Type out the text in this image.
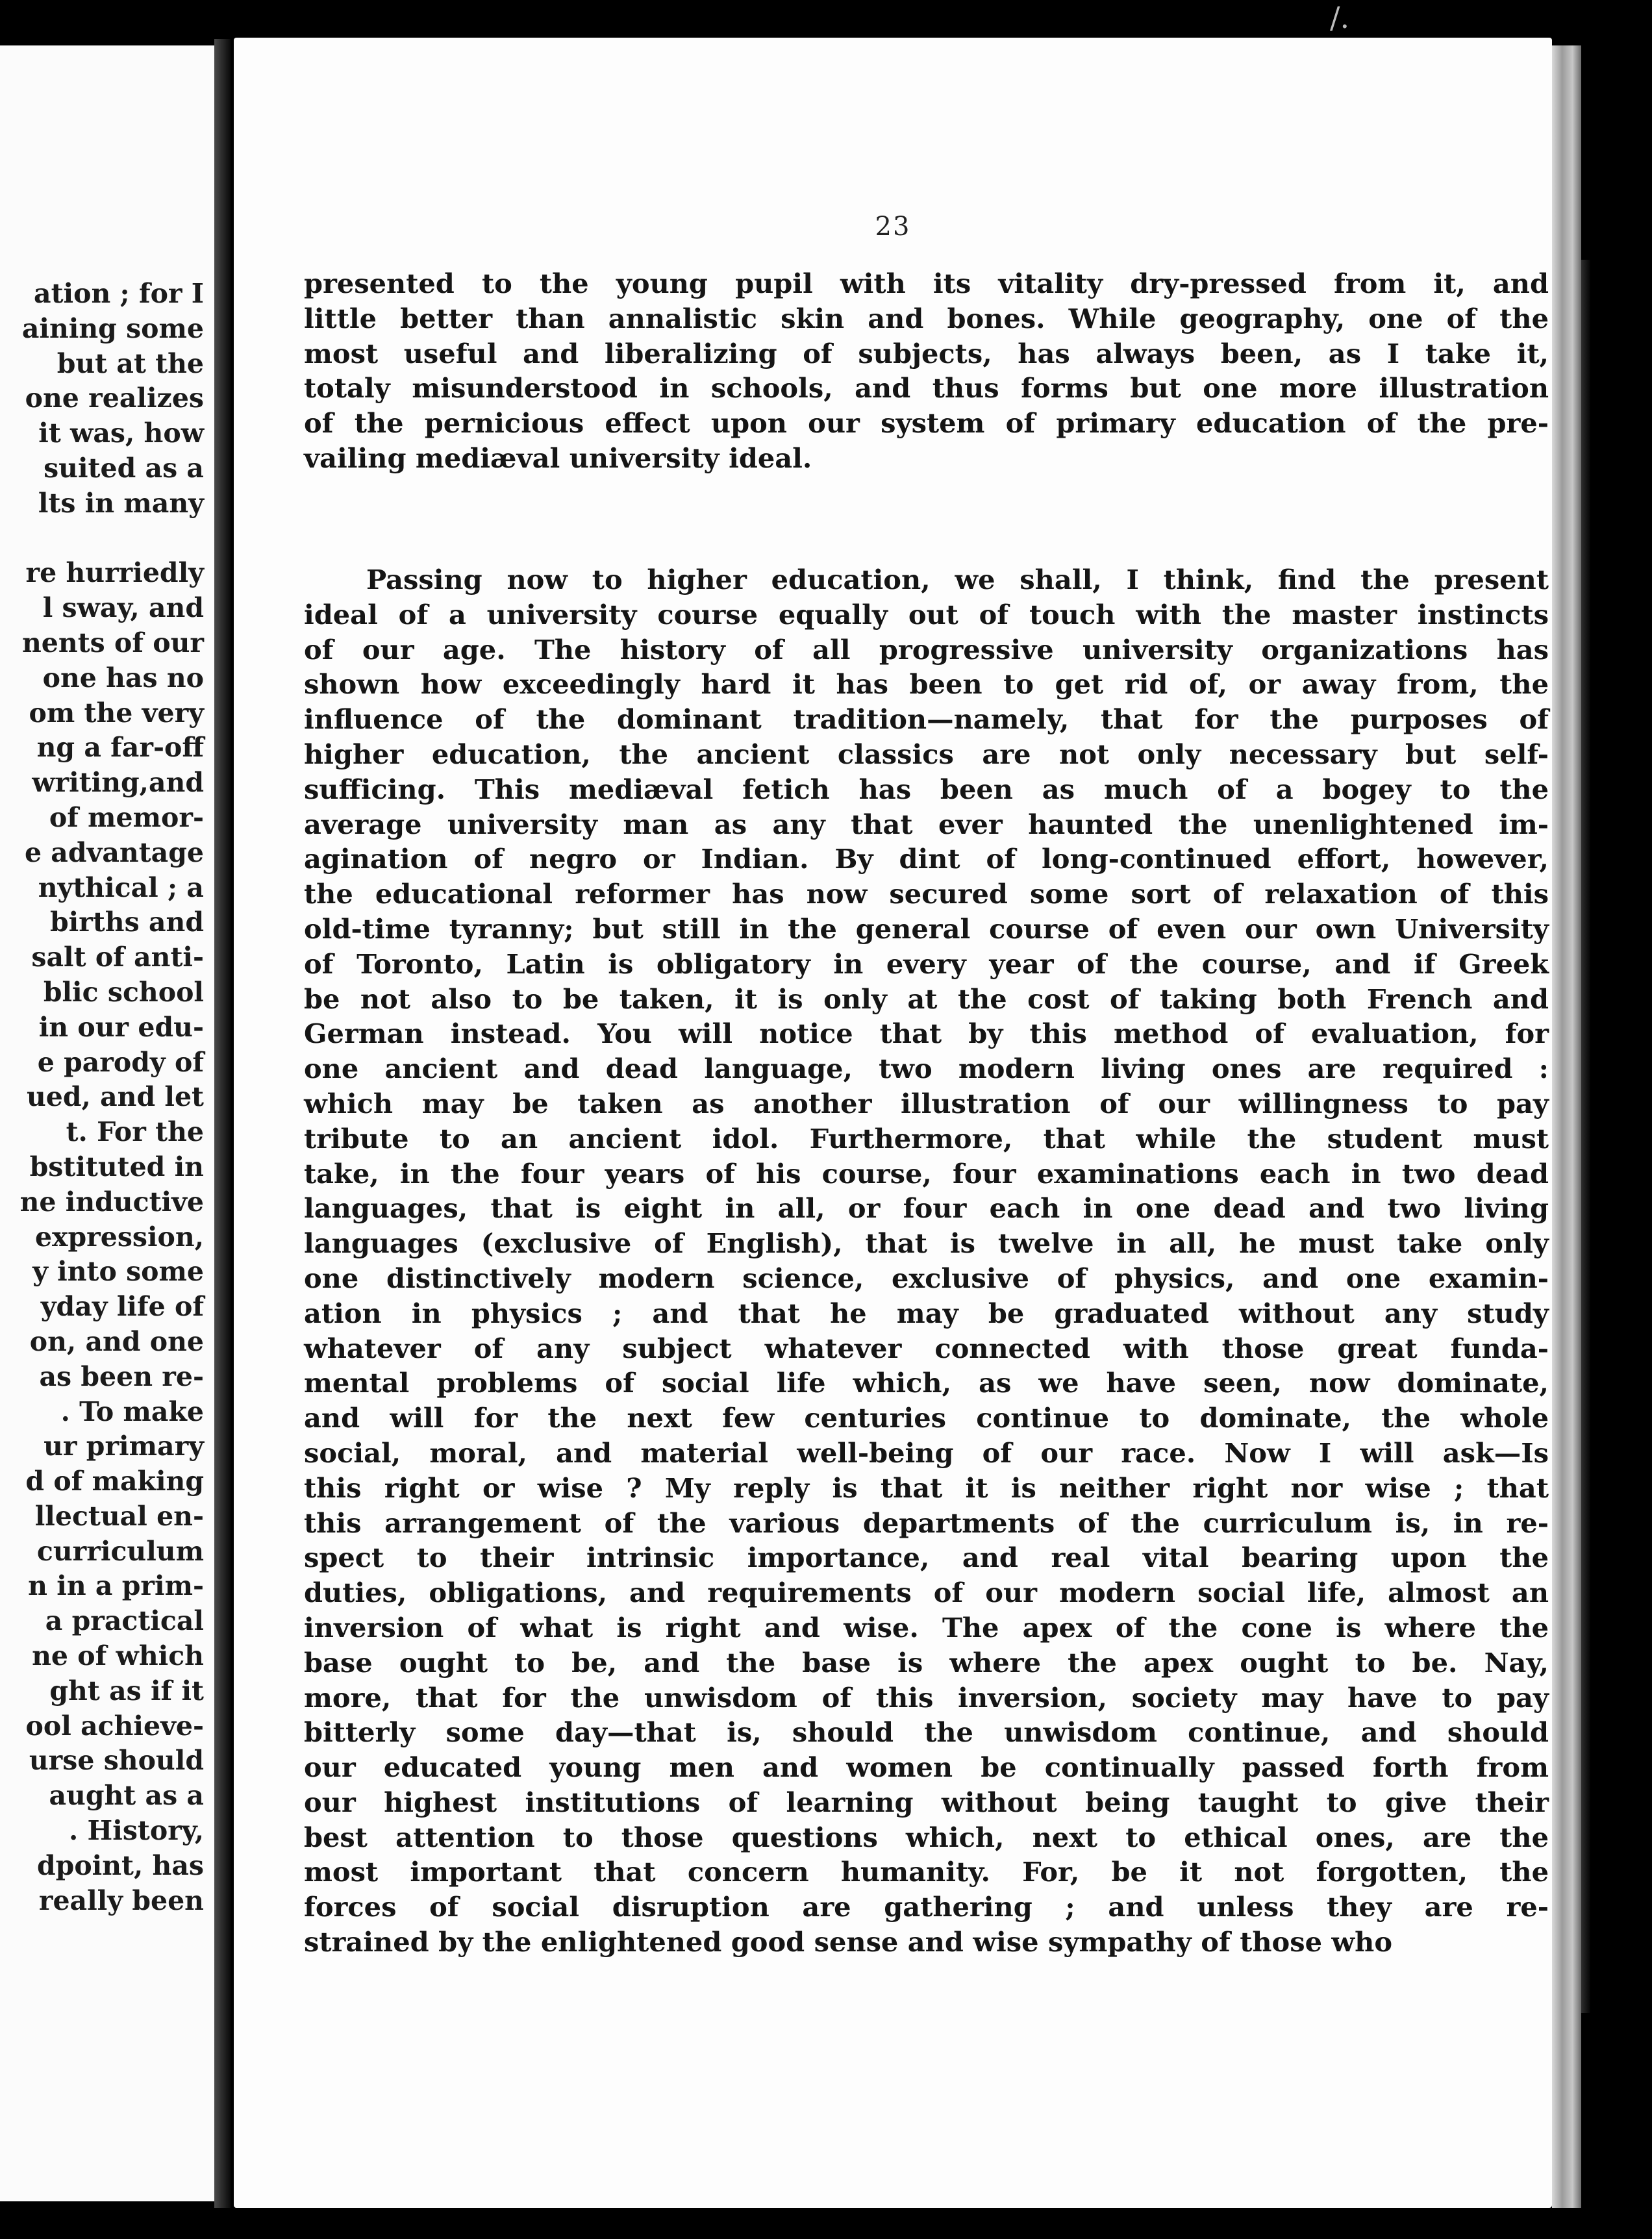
ation ; for I
aining some
but at the
one realizes
it was, how
suited as a
lts in many

re hurriedly
l sway, and
nents of our
one has no
om the very
ng a far-off
writing,and
of memor-
e advantage
nythical ; a
births and
salt of anti-
blic school
in our edu-
e parody of
ued, and let
t. For the
bstituted in
ne inductive
expression,
y into some
yday life of
on, and one
as been re-
. To make
ur primary
d of making
llectual en-
curriculum
n in a prim-
a practical
ne of which
ght as if it
ool achieve-
urse should
aught as a
. History,
dpoint, has
really been
23
presented to the young pupil with its vitality dry-pressed from it, and
little better than annalistic skin and bones. While geography, one of the
most useful and liberalizing of subjects, has always been, as I take it,
totaly misunderstood in schools, and thus forms but one more illustration
of the pernicious effect upon our system of primary education of the pre-
vailing mediæval university ideal.
Passing now to higher education, we shall, I think, find the present
ideal of a university course equally out of touch with the master instincts
of our age. The history of all progressive university organizations has
shown how exceedingly hard it has been to get rid of, or away from, the
influence of the dominant tradition—namely, that for the purposes of
higher education, the ancient classics are not only necessary but self-
sufficing. This mediæval fetich has been as much of a bogey to the
average university man as any that ever haunted the unenlightened im-
agination of negro or Indian. By dint of long-continued effort, however,
the educational reformer has now secured some sort of relaxation of this
old-time tyranny; but still in the general course of even our own University
of Toronto, Latin is obligatory in every year of the course, and if Greek
be not also to be taken, it is only at the cost of taking both French and
German instead. You will notice that by this method of evaluation, for
one ancient and dead language, two modern living ones are required :
which may be taken as another illustration of our willingness to pay
tribute to an ancient idol. Furthermore, that while the student must
take, in the four years of his course, four examinations each in two dead
languages, that is eight in all, or four each in one dead and two living
languages (exclusive of English), that is twelve in all, he must take only
one distinctively modern science, exclusive of physics, and one examin-
ation in physics ; and that he may be graduated without any study
whatever of any subject whatever connected with those great funda-
mental problems of social life which, as we have seen, now dominate,
and will for the next few centuries continue to dominate, the whole
social, moral, and material well-being of our race. Now I will ask—Is
this right or wise ? My reply is that it is neither right nor wise ; that
this arrangement of the various departments of the curriculum is, in re-
spect to their intrinsic importance, and real vital bearing upon the
duties, obligations, and requirements of our modern social life, almost an
inversion of what is right and wise. The apex of the cone is where the
base ought to be, and the base is where the apex ought to be. Nay,
more, that for the unwisdom of this inversion, society may have to pay
bitterly some day—that is, should the unwisdom continue, and should
our educated young men and women be continually passed forth from
our highest institutions of learning without being taught to give their
best attention to those questions which, next to ethical ones, are the
most important that concern humanity. For, be it not forgotten, the
forces of social disruption are gathering ; and unless they are re-
strained by the enlightened good sense and wise sympathy of those who
/.
